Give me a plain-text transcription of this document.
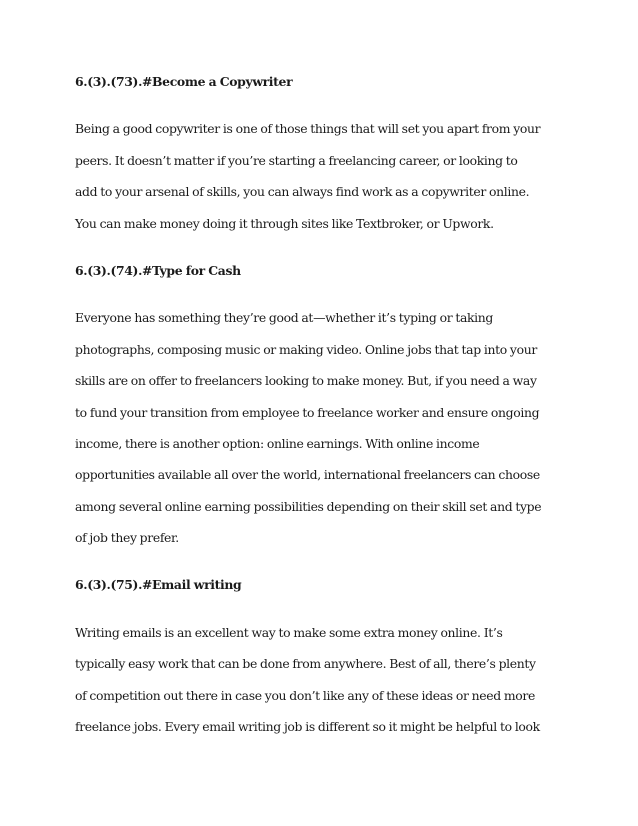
6.(3).(73).#Become a Copywriter
Being a good copywriter is one of those things that will set you apart from your
peers. It doesn’t matter if you’re starting a freelancing career, or looking to
add to your arsenal of skills, you can always find work as a copywriter online.
You can make money doing it through sites like Textbroker, or Upwork.
6.(3).(74).#Type for Cash
Everyone has something they’re good at—whether it’s typing or taking
photographs, composing music or making video. Online jobs that tap into your
skills are on offer to freelancers looking to make money. But, if you need a way
to fund your transition from employee to freelance worker and ensure ongoing
income, there is another option: online earnings. With online income
opportunities available all over the world, international freelancers can choose
among several online earning possibilities depending on their skill set and type
of job they prefer.
6.(3).(75).#Email writing
Writing emails is an excellent way to make some extra money online. It’s
typically easy work that can be done from anywhere. Best of all, there’s plenty
of competition out there in case you don’t like any of these ideas or need more
freelance jobs. Every email writing job is different so it might be helpful to look
